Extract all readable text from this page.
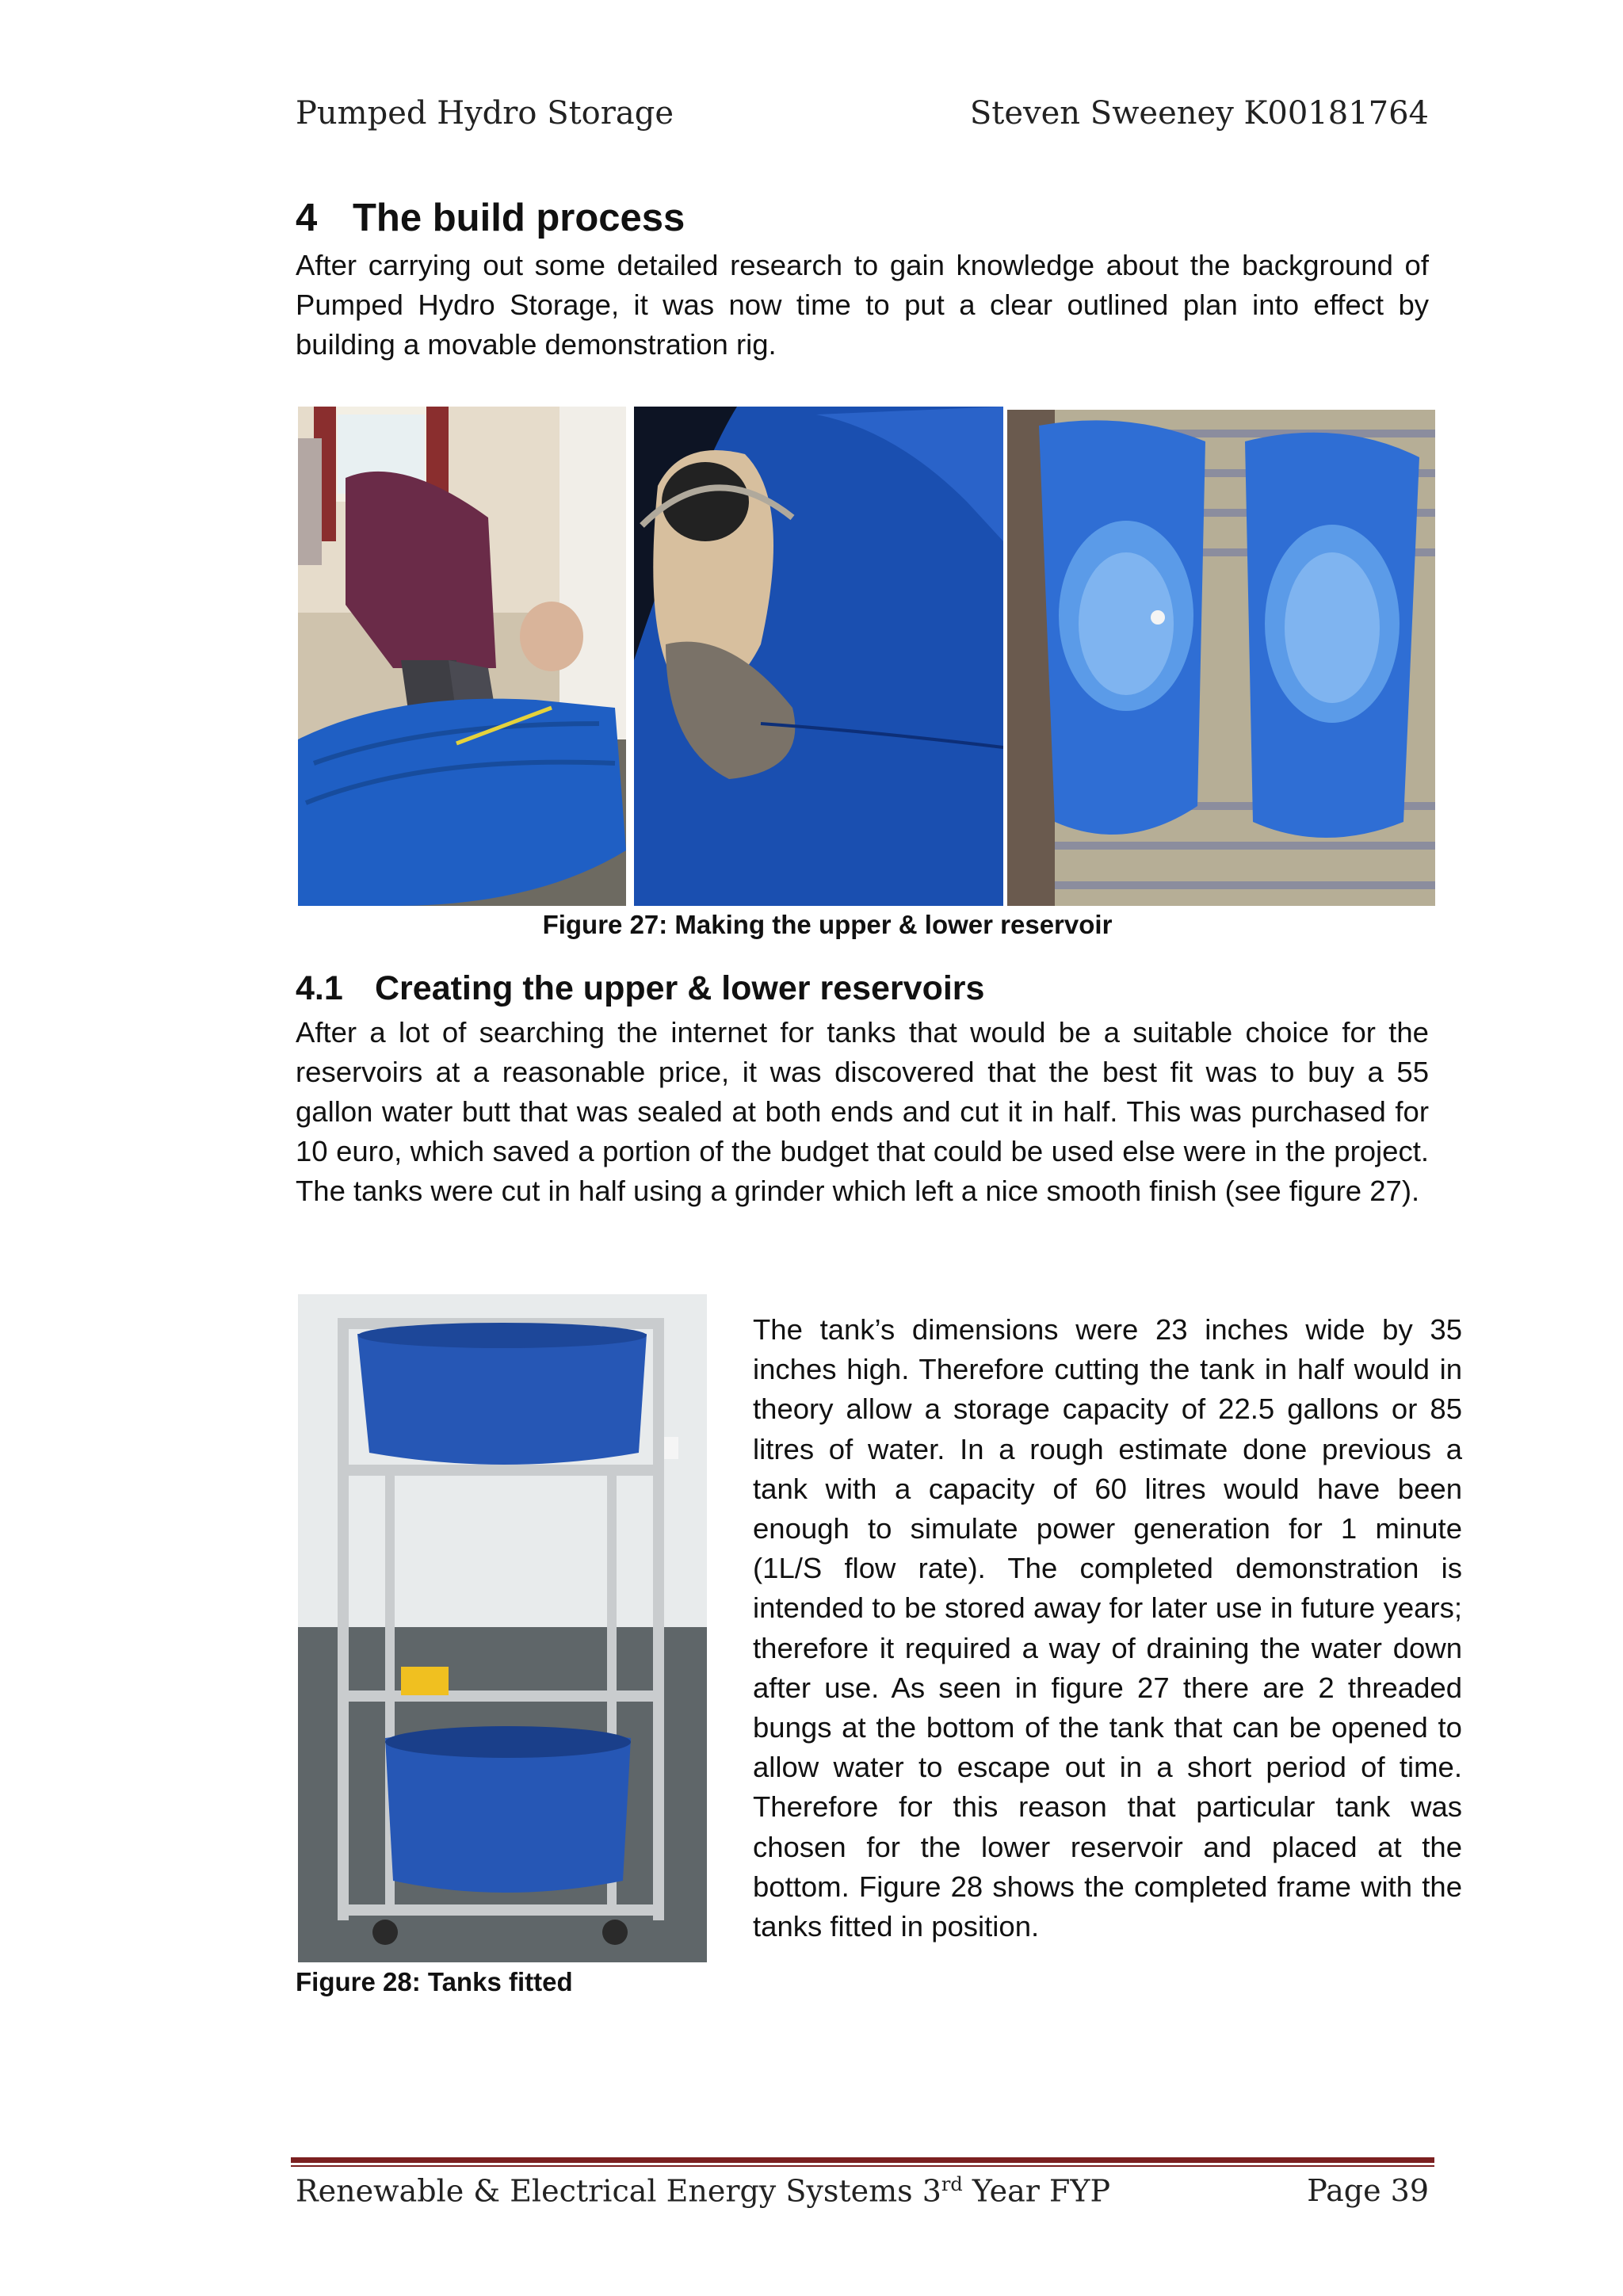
Pumped Hydro Storage	Steven Sweeney K00181764
4 The build process
After carrying out some detailed research to gain knowledge about the background of Pumped Hydro Storage, it was now time to put a clear outlined plan into effect by building a movable demonstration rig.
Figure 27: Making the upper & lower reservoir
4.1 Creating the upper & lower reservoirs
After a lot of searching the internet for tanks that would be a suitable choice for the reservoirs at a reasonable price, it was discovered that the best fit was to buy a 55 gallon water butt that was sealed at both ends and cut it in half. This was purchased for 10 euro, which saved a portion of the budget that could be used else were in the project. The tanks were cut in half using a grinder which left a nice smooth finish (see figure 27).
Figure 28: Tanks fitted
The tank’s dimensions were 23 inches wide by 35 inches high. Therefore cutting the tank in half would in theory allow a storage capacity of 22.5 gallons or 85 litres of water. In a rough estimate done previous a tank with a capacity of 60 litres would have been enough to simulate power generation for 1 minute (1L/S flow rate). The completed demonstration is intended to be stored away for later use in future years; therefore it required a way of draining the water down after use. As seen in figure 27 there are 2 threaded bungs at the bottom of the tank that can be opened to allow water to escape out in a short period of time. Therefore for this reason that particular tank was chosen for the lower reservoir and placed at the bottom. Figure 28 shows the completed frame with the tanks fitted in position.
Renewable & Electrical Energy Systems 3rd Year FYP	Page 39
